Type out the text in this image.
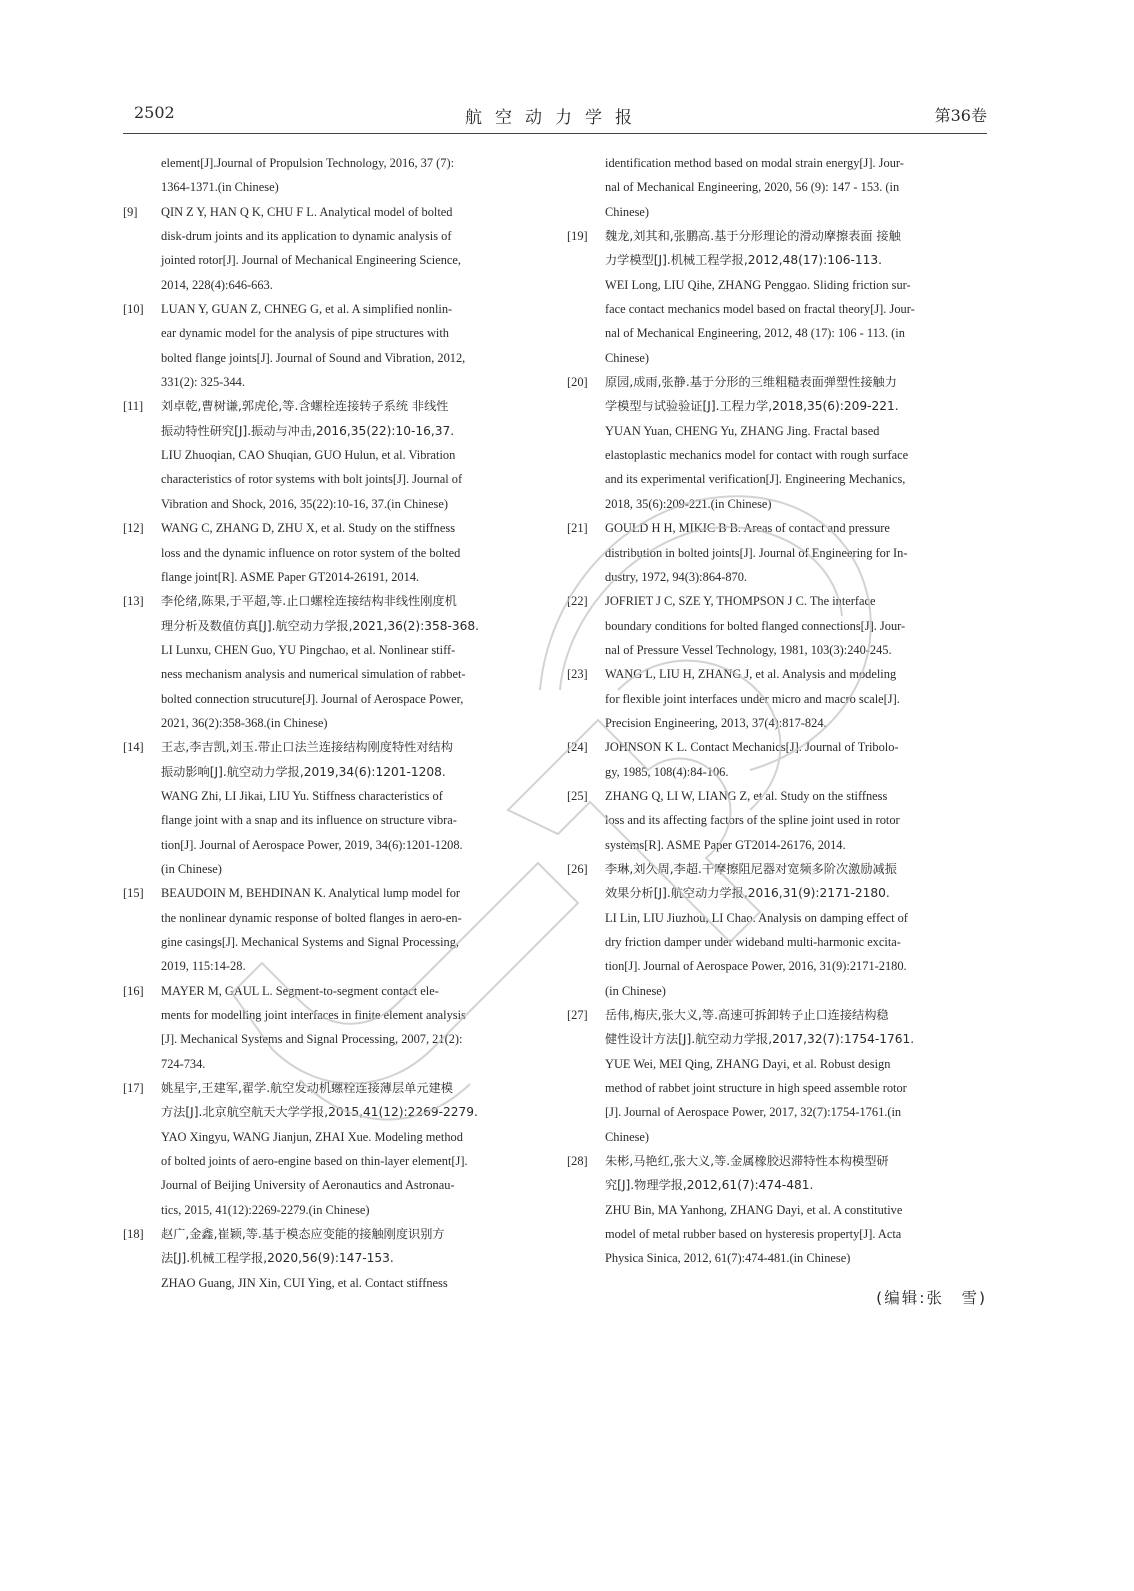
2502	航空动力学报	第36卷
element[J].Journal of Propulsion Technology, 2016, 37 (7):
1364-1371.(in Chinese)
[9] QIN Z Y, HAN Q K, CHU F L. Analytical model of bolted
disk-drum joints and its application to dynamic analysis of
jointed rotor[J]. Journal of Mechanical Engineering Science,
2014, 228(4):646-663.
[10] LUAN Y, GUAN Z, CHNEG G, et al. A simplified nonlin-
ear dynamic model for the analysis of pipe structures with
bolted flange joints[J]. Journal of Sound and Vibration, 2012,
331(2): 325-344.
[11] 刘卓乾,曹树谦,郭虎伦,等.含螺栓连接转子系统 非线性
振动特性研究[J].振动与冲击,2016,35(22):10-16,37.
LIU Zhuoqian, CAO Shuqian, GUO Hulun, et al. Vibration
characteristics of rotor systems with bolt joints[J]. Journal of
Vibration and Shock, 2016, 35(22):10-16, 37.(in Chinese)
[12] WANG C, ZHANG D, ZHU X, et al. Study on the stiffness
loss and the dynamic influence on rotor system of the bolted
flange joint[R]. ASME Paper GT2014-26191, 2014.
[13] 李伦绪,陈果,于平超,等.止口螺栓连接结构非线性刚度机
理分析及数值仿真[J].航空动力学报,2021,36(2):358-368.
LI Lunxu, CHEN Guo, YU Pingchao, et al. Nonlinear stiff-
ness mechanism analysis and numerical simulation of rabbet-
bolted connection strucuture[J]. Journal of Aerospace Power,
2021, 36(2):358-368.(in Chinese)
[14] 王志,李吉凯,刘玉.带止口法兰连接结构刚度特性对结构
振动影响[J].航空动力学报,2019,34(6):1201-1208.
WANG Zhi, LI Jikai, LIU Yu. Stiffness characteristics of
flange joint with a snap and its influence on structure vibra-
tion[J]. Journal of Aerospace Power, 2019, 34(6):1201-1208.
(in Chinese)
[15] BEAUDOIN M, BEHDINAN K. Analytical lump model for
the nonlinear dynamic response of bolted flanges in aero-en-
gine casings[J]. Mechanical Systems and Signal Processing,
2019, 115:14-28.
[16] MAYER M, GAUL L. Segment-to-segment contact ele-
ments for modelling joint interfaces in finite element analysis
[J]. Mechanical Systems and Signal Processing, 2007, 21(2):
724-734.
[17] 姚星宇,王建军,翟学.航空发动机螺栓连接薄层单元建模
方法[J].北京航空航天大学学报,2015,41(12):2269-2279.
YAO Xingyu, WANG Jianjun, ZHAI Xue. Modeling method
of bolted joints of aero-engine based on thin-layer element[J].
Journal of Beijing University of Aeronautics and Astronau-
tics, 2015, 41(12):2269-2279.(in Chinese)
[18] 赵广,金鑫,崔颖,等.基于模态应变能的接触刚度识别方
法[J].机械工程学报,2020,56(9):147-153.
ZHAO Guang, JIN Xin, CUI Ying, et al. Contact stiffness
identification method based on modal strain energy[J]. Jour-
nal of Mechanical Engineering, 2020, 56 (9): 147 - 153. (in
Chinese)
[19] 魏龙,刘其和,张鹏高.基于分形理论的滑动摩擦表面 接触
力学模型[J].机械工程学报,2012,48(17):106-113.
WEI Long, LIU Qihe, ZHANG Penggao. Sliding friction sur-
face contact mechanics model based on fractal theory[J]. Jour-
nal of Mechanical Engineering, 2012, 48 (17): 106 - 113. (in
Chinese)
[20] 原园,成雨,张静.基于分形的三维粗糙表面弹塑性接触力
学模型与试验验证[J].工程力学,2018,35(6):209-221.
YUAN Yuan, CHENG Yu, ZHANG Jing. Fractal based
elastoplastic mechanics model for contact with rough surface
and its experimental verification[J]. Engineering Mechanics,
2018, 35(6):209-221.(in Chinese)
[21] GOULD H H, MIKIC B B. Areas of contact and pressure
distribution in bolted joints[J]. Journal of Engineering for In-
dustry, 1972, 94(3):864-870.
[22] JOFRIET J C, SZE Y, THOMPSON J C. The interface
boundary conditions for bolted flanged connections[J]. Jour-
nal of Pressure Vessel Technology, 1981, 103(3):240-245.
[23] WANG L, LIU H, ZHANG J, et al. Analysis and modeling
for flexible joint interfaces under micro and macro scale[J].
Precision Engineering, 2013, 37(4):817-824.
[24] JOHNSON K L. Contact Mechanics[J]. Journal of Tribolo-
gy, 1985, 108(4):84-106.
[25] ZHANG Q, LI W, LIANG Z, et al. Study on the stiffness
loss and its affecting factors of the spline joint used in rotor
systems[R]. ASME Paper GT2014-26176, 2014.
[26] 李琳,刘久周,李超.干摩擦阻尼器对宽频多阶次激励减振
效果分析[J].航空动力学报,2016,31(9):2171-2180.
LI Lin, LIU Jiuzhou, LI Chao. Analysis on damping effect of
dry friction damper under wideband multi-harmonic excita-
tion[J]. Journal of Aerospace Power, 2016, 31(9):2171-2180.
(in Chinese)
[27] 岳伟,梅庆,张大义,等.高速可拆卸转子止口连接结构稳
健性设计方法[J].航空动力学报,2017,32(7):1754-1761.
YUE Wei, MEI Qing, ZHANG Dayi, et al. Robust design
method of rabbet joint structure in high speed assemble rotor
[J]. Journal of Aerospace Power, 2017, 32(7):1754-1761.(in
Chinese)
[28] 朱彬,马艳红,张大义,等.金属橡胶迟滞特性本构模型研
究[J].物理学报,2012,61(7):474-481.
ZHU Bin, MA Yanhong, ZHANG Dayi, et al. A constitutive
model of metal rubber based on hysteresis property[J]. Acta
Physica Sinica, 2012, 61(7):474-481.(in Chinese)
(编辑:张　雪)
